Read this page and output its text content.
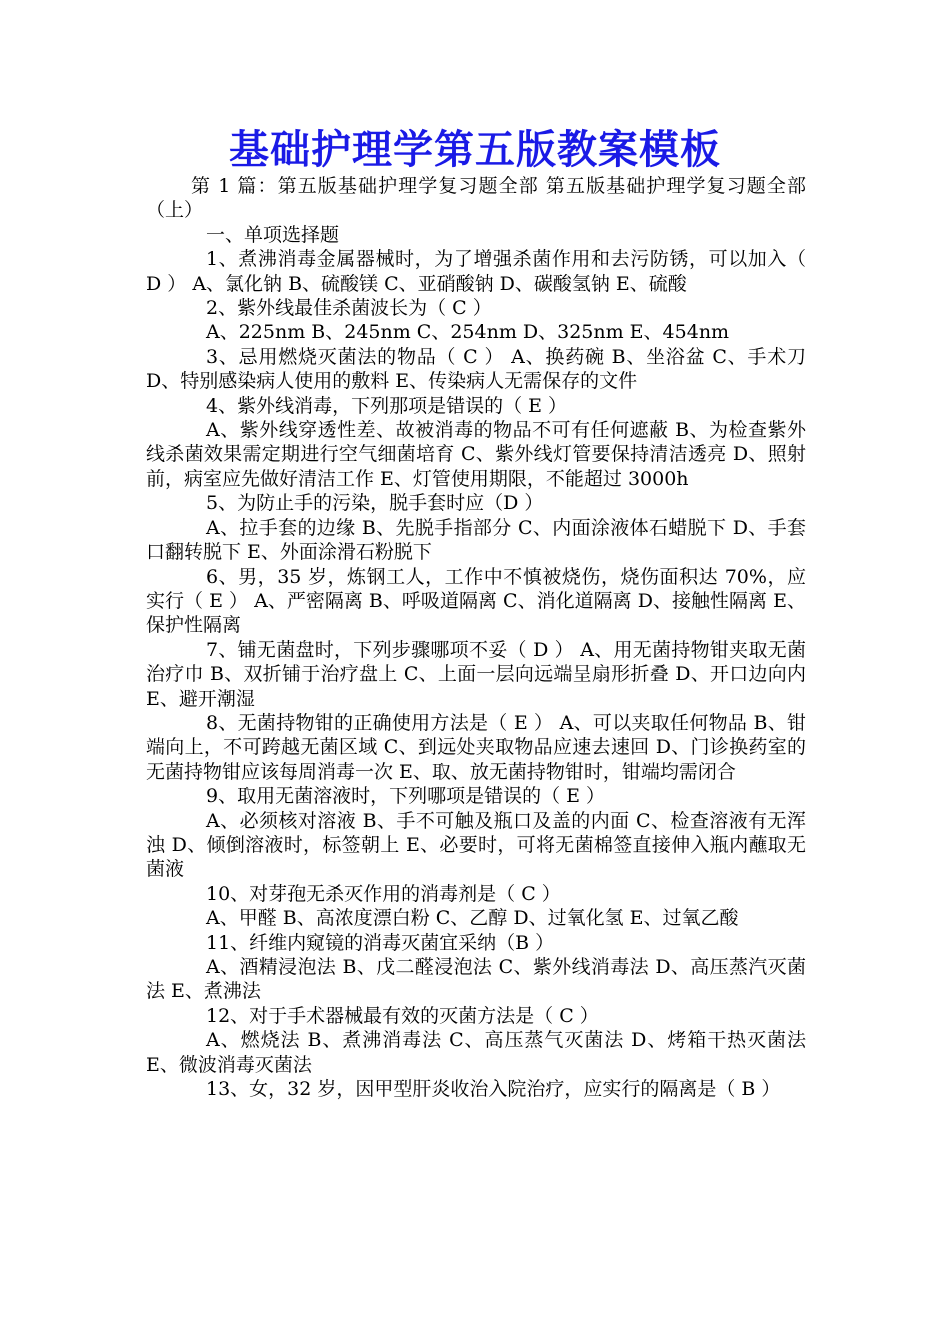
基础护理学第五版教案模板

第 1 篇：第五版基础护理学复习题全部 第五版基础护理学复习题全部（上）

一、单项选择题

1、煮沸消毒金属器械时，为了增强杀菌作用和去污防锈，可以加入（ D ） A、氯化钠 B、硫酸镁 C、亚硝酸钠 D、碳酸氢钠 E、硫酸

2、紫外线最佳杀菌波长为（ C ）

A、225nm B、245nm C、254nm D、325nm E、454nm

3、忌用燃烧灭菌法的物品（ C ） A、换药碗 B、坐浴盆 C、手术刀 D、特别感染病人使用的敷料 E、传染病人无需保存的文件

4、紫外线消毒，下列那项是错误的（ E ）

A、紫外线穿透性差、故被消毒的物品不可有任何遮蔽 B、为检查紫外线杀菌效果需定期进行空气细菌培育 C、紫外线灯管要保持清洁透亮 D、照射前，病室应先做好清洁工作 E、灯管使用期限，不能超过 3000h

5、为防止手的污染，脱手套时应（D ）

A、拉手套的边缘 B、先脱手指部分 C、内面涂液体石蜡脱下 D、手套口翻转脱下 E、外面涂滑石粉脱下

6、男，35 岁，炼钢工人，工作中不慎被烧伤，烧伤面积达 70%，应实行（ E ） A、严密隔离 B、呼吸道隔离 C、消化道隔离 D、接触性隔离 E、保护性隔离

7、铺无菌盘时，下列步骤哪项不妥（ D ） A、用无菌持物钳夹取无菌治疗巾 B、双折铺于治疗盘上 C、上面一层向远端呈扇形折叠 D、开口边向内 E、避开潮湿

8、无菌持物钳的正确使用方法是（ E ） A、可以夹取任何物品 B、钳端向上，不可跨越无菌区域 C、到远处夹取物品应速去速回 D、门诊换药室的无菌持物钳应该每周消毒一次 E、取、放无菌持物钳时，钳端均需闭合

9、取用无菌溶液时，下列哪项是错误的（ E ）

A、必须核对溶液 B、手不可触及瓶口及盖的内面 C、检查溶液有无浑浊 D、倾倒溶液时，标签朝上 E、必要时，可将无菌棉签直接伸入瓶内蘸取无菌液

10、对芽孢无杀灭作用的消毒剂是（ C ）

A、甲醛 B、高浓度漂白粉 C、乙醇 D、过氧化氢 E、过氧乙酸

11、纤维内窥镜的消毒灭菌宜采纳（B ）

A、酒精浸泡法 B、戊二醛浸泡法 C、紫外线消毒法 D、高压蒸汽灭菌法 E、煮沸法

12、对于手术器械最有效的灭菌方法是（ C ）

A、燃烧法 B、煮沸消毒法 C、高压蒸气灭菌法 D、烤箱干热灭菌法 E、微波消毒灭菌法

13、女，32 岁，因甲型肝炎收治入院治疗，应实行的隔离是（ B ）
